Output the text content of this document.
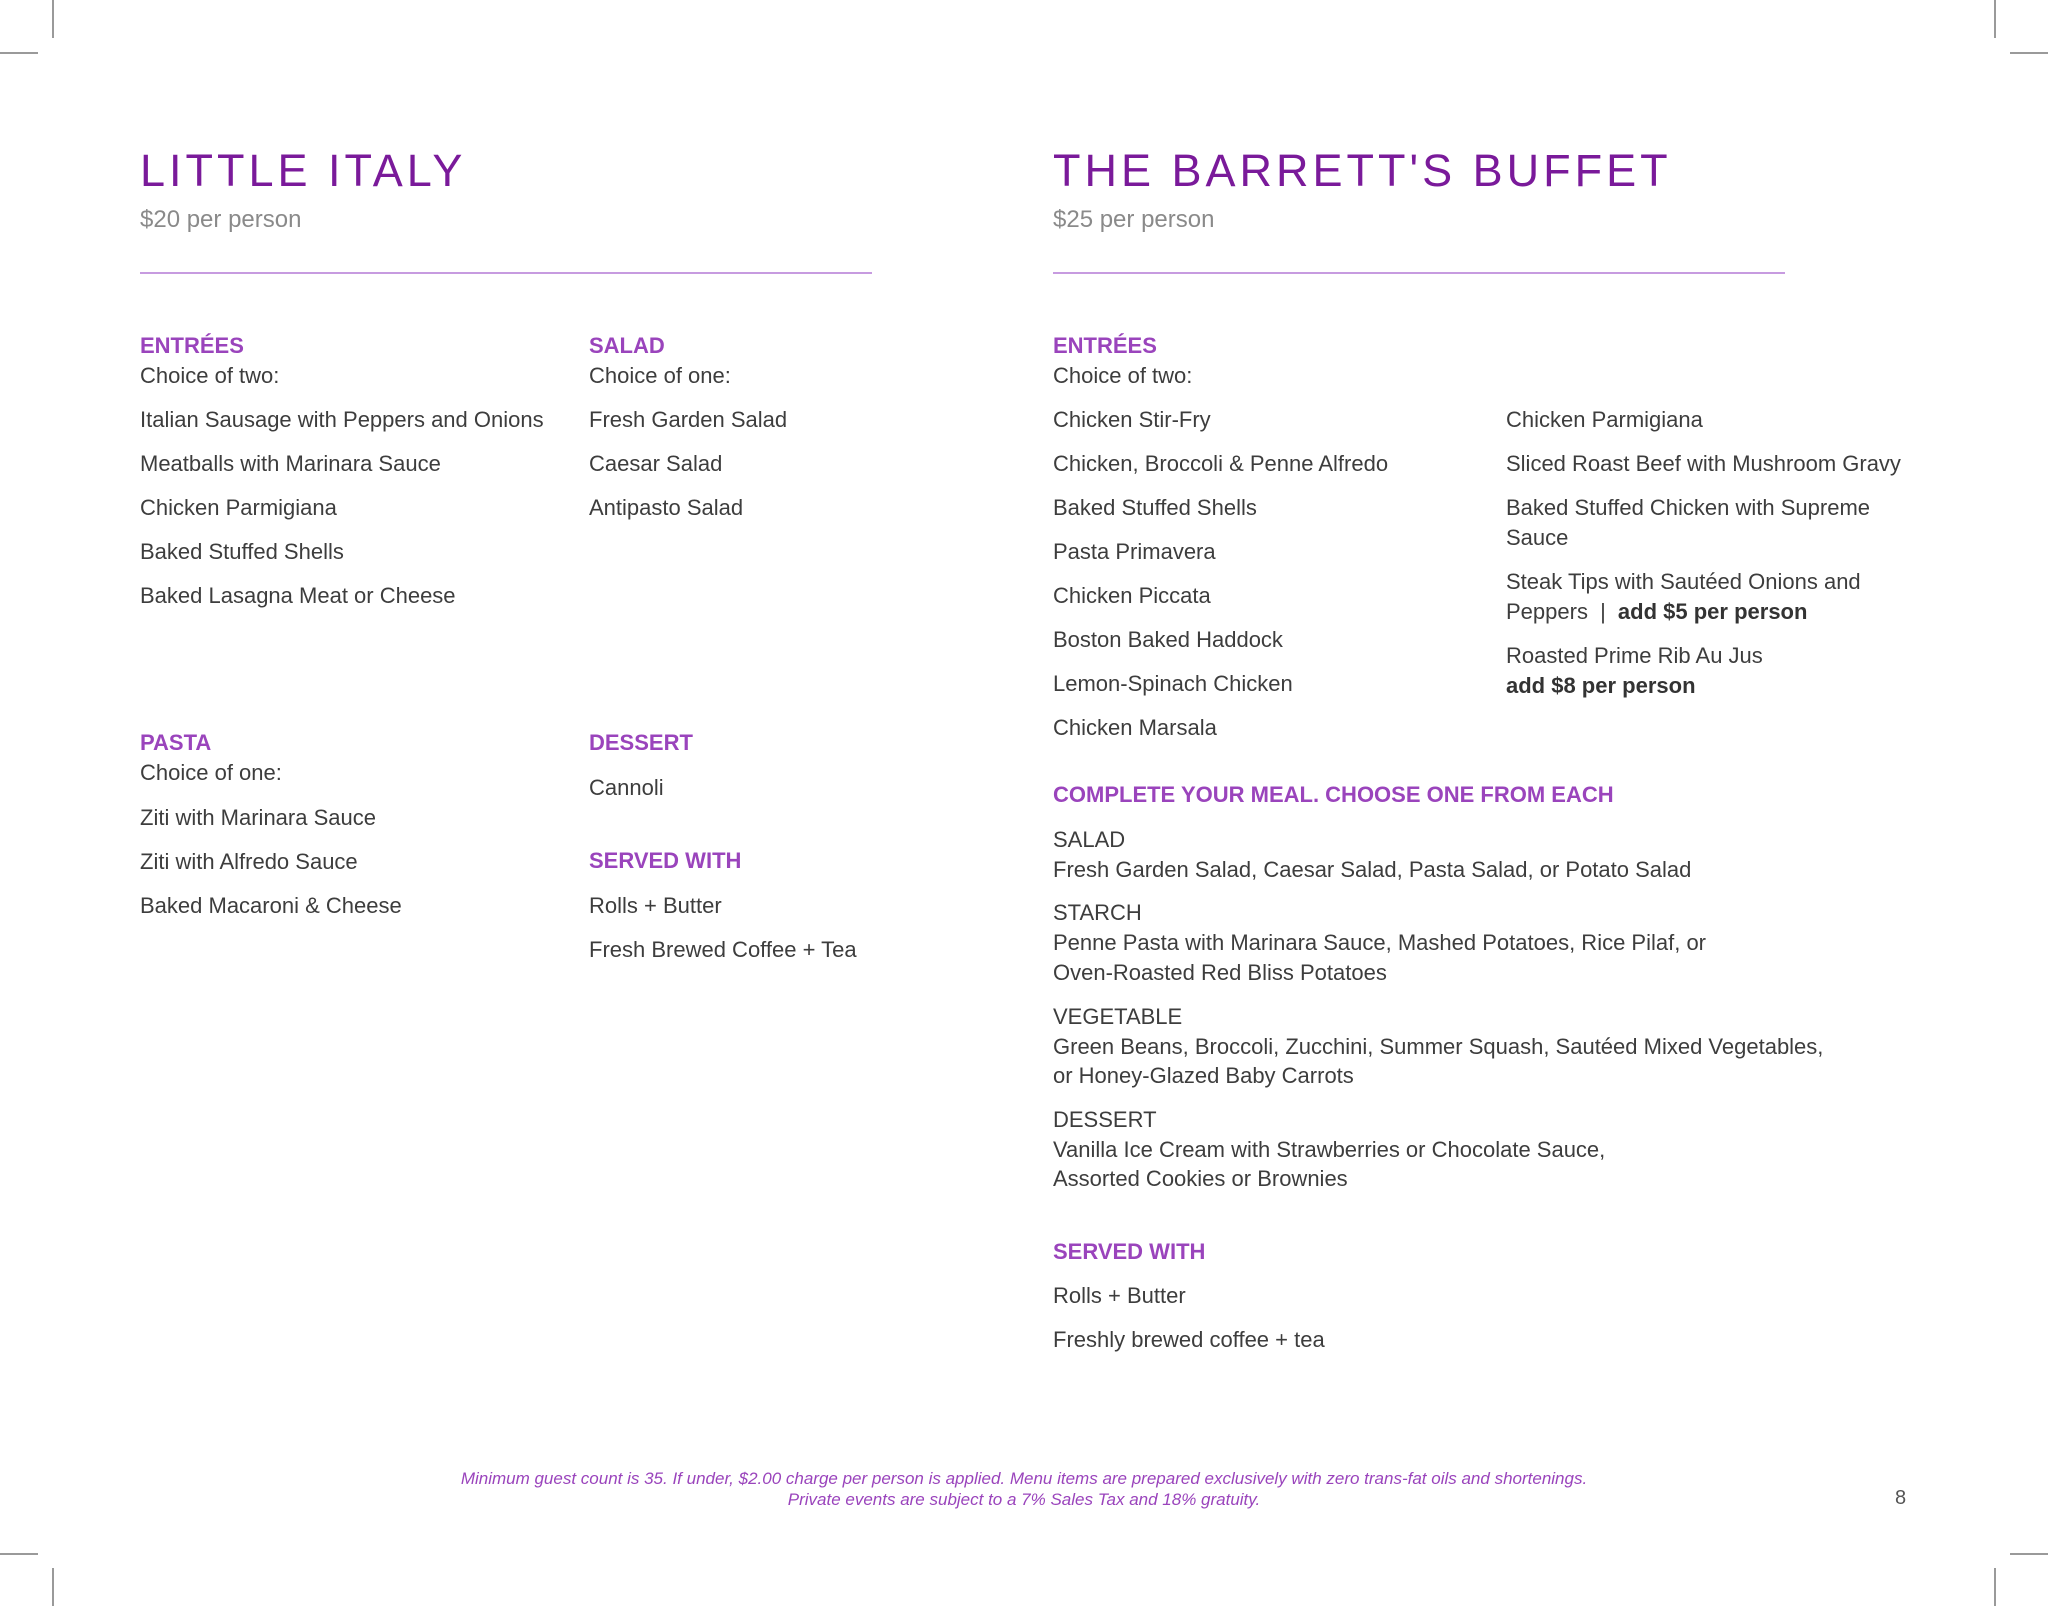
LITTLE ITALY
$20 per person
ENTRÉES
Choice of two:
Italian Sausage with Peppers and Onions
Meatballs with Marinara Sauce
Chicken Parmigiana
Baked Stuffed Shells
Baked Lasagna Meat or Cheese
SALAD
Choice of one:
Fresh Garden Salad
Caesar Salad
Antipasto Salad
PASTA
Choice of one:
Ziti with Marinara Sauce
Ziti with Alfredo Sauce
Baked Macaroni & Cheese
DESSERT
Cannoli
SERVED WITH
Rolls + Butter
Fresh Brewed Coffee + Tea
THE BARRETT'S BUFFET
$25 per person
ENTRÉES
Choice of two:
Chicken Stir-Fry
Chicken, Broccoli & Penne Alfredo
Baked Stuffed Shells
Pasta Primavera
Chicken Piccata
Boston Baked Haddock
Lemon-Spinach Chicken
Chicken Marsala
Chicken Parmigiana
Sliced Roast Beef with Mushroom Gravy
Baked Stuffed Chicken with Supreme
Sauce
Steak Tips with Sautéed Onions and
Peppers | add $5 per person
Roasted Prime Rib Au Jus
add $8 per person
COMPLETE YOUR MEAL. CHOOSE ONE FROM EACH
SALAD
Fresh Garden Salad, Caesar Salad, Pasta Salad, or Potato Salad
STARCH
Penne Pasta with Marinara Sauce, Mashed Potatoes, Rice Pilaf, or
Oven-Roasted Red Bliss Potatoes
VEGETABLE
Green Beans, Broccoli, Zucchini, Summer Squash, Sautéed Mixed Vegetables,
or Honey-Glazed Baby Carrots
DESSERT
Vanilla Ice Cream with Strawberries or Chocolate Sauce,
Assorted Cookies or Brownies
SERVED WITH
Rolls + Butter
Freshly brewed coffee + tea
Minimum guest count is 35. If under, $2.00 charge per person is applied. Menu items are prepared exclusively with zero trans-fat oils and shortenings.
Private events are subject to a 7% Sales Tax and 18% gratuity.	8
